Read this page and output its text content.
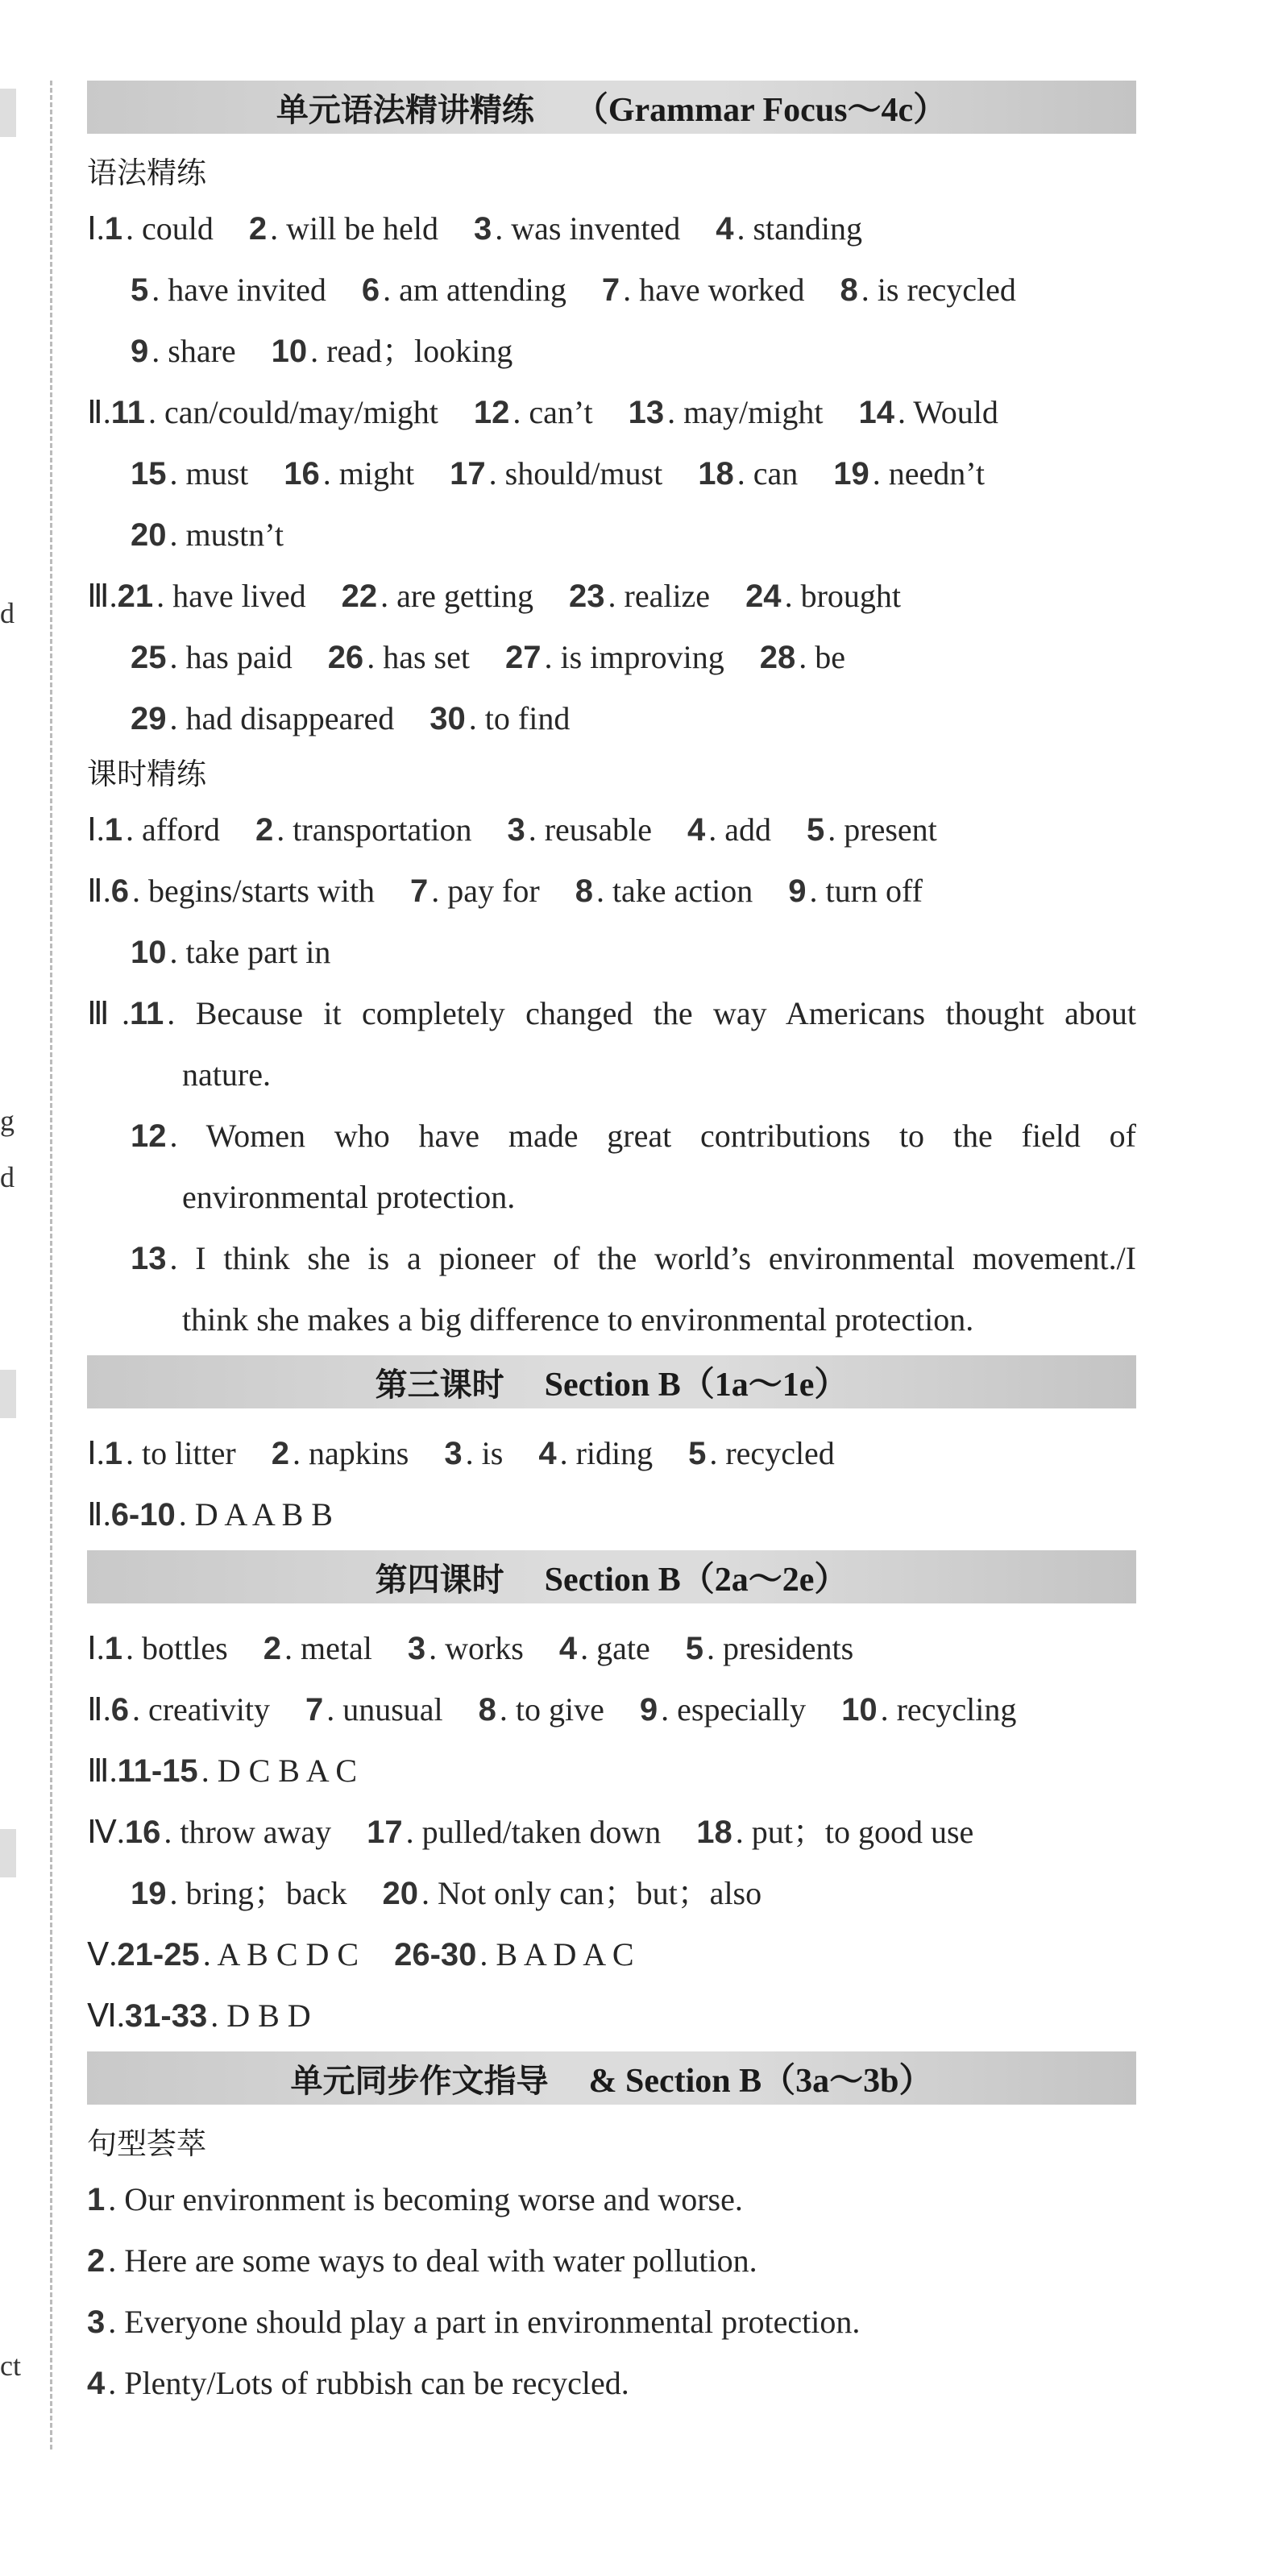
d
g
d
ct
单元语法精讲精练 （Grammar Focus～4c）
语法精练
Ⅰ.1 . could 2 . will be held 3 . was invented 4 . standing
5 . have invited 6 . am attending 7 . have worked 8 . is recycled
9 . share 10 . read；looking
Ⅱ.11 . can/could/may/might 12 . can’t 13 . may/might 14 . Would
15 . must 16 . might 17 . should/must 18 . can 19 . needn’t
20 . mustn’t
Ⅲ.21 . have lived 22 . are getting 23 . realize 24 . brought
25 . has paid 26 . has set 27 . is improving 28 . be
29 . had disappeared 30 . to find
课时精练
Ⅰ.1 . afford 2 . transportation 3 . reusable 4 . add 5 . present
Ⅱ.6 . begins/starts with 7 . pay for 8 . take action 9 . turn off
10 . take part in
Ⅲ.11 . Because it completely changed the way Americans thought about
nature.
12 . Women who have made great contributions to the field of
environmental protection.
13 . I think she is a pioneer of the world’s environmental movement./I
think she makes a big difference to environmental protection.
第三课时 Section B（1a～1e）
Ⅰ.1 . to litter 2 . napkins 3 . is 4 . riding 5 . recycled
Ⅱ.6-10 . D A A B B
第四课时 Section B（2a～2e）
Ⅰ.1 . bottles 2 . metal 3 . works 4 . gate 5 . presidents
Ⅱ.6 . creativity 7 . unusual 8 . to give 9 . especially 10 . recycling
Ⅲ.11-15 . D C B A C
Ⅳ.16 . throw away 17 . pulled/taken down 18 . put；to good use
19 . bring；back 20 . Not only can；but；also
Ⅴ.21-25 . A B C D C 26-30 . B A D A C
Ⅵ.31-33 . D B D
单元同步作文指导 & Section B（3a～3b）
句型荟萃
1 . Our environment is becoming worse and worse.
2 . Here are some ways to deal with water pollution.
3 . Everyone should play a part in environmental protection.
4 . Plenty/Lots of rubbish can be recycled.
